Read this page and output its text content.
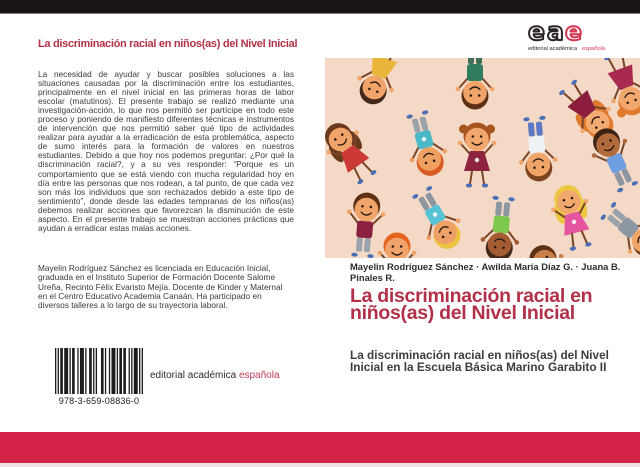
La discriminación racial en niños(as) del Nivel Inicial
La necesidad de ayudar y buscar posibles soluciones a las situaciones causadas por la discriminación entre los estudiantes, principalmente en el nivel inicial en las primeras horas de labor escolar (matutinos). El presente trabajo se realizó mediante una investigación-acción, lo que nos permitió ser partícipe en todo este proceso y poniendo de manifiesto diferentes técnicas e instrumentos de intervención que nos permitió saber qué tipo de actividades realizar para ayudar a la erradicación de esta problemática, aspecto de sumo interés para la formación de valores en nuestros estudiantes. Debido a que hoy nos podemos preguntar: ¿Por qué la discriminación racial?, y a su ves responder: “Porque es un comportamiento que se está viendo con mucha regularidad hoy en día entre las personas que nos rodean, a tal punto, de que cada vez son más los individuos que son rechazados debido a este tipo de sentimiento”, donde desde las edades tempranas de los niños(as) debemos realizar acciones que favorezcan la disminución de este aspecto. En el presente trabajo se muestran acciones prácticas que ayudan a erradicar estas malas acciones.
Mayelin Rodríguez Sánchez es licenciada en Educación Inicial, graduada en el Instituto Superior de Formación Docente Salome Ureña, Recinto Félix Evaristo Mejía. Docente de Kinder y Maternal en el Centro Educativo Academia Canaán. Ha participado en diversos talleres a lo largo de su trayectoria laboral.
978-3-659-08836-0
editorial académica española
ea e
editorial académica española
Mayelin Rodríguez Sánchez · Awilda María Díaz G. · Juana B. Pinales R.
La discriminación racial en niños(as) del Nivel Inicial
La discriminación racial en niños(as) del Nivel Inicial en la Escuela Básica Marino Garabito II
